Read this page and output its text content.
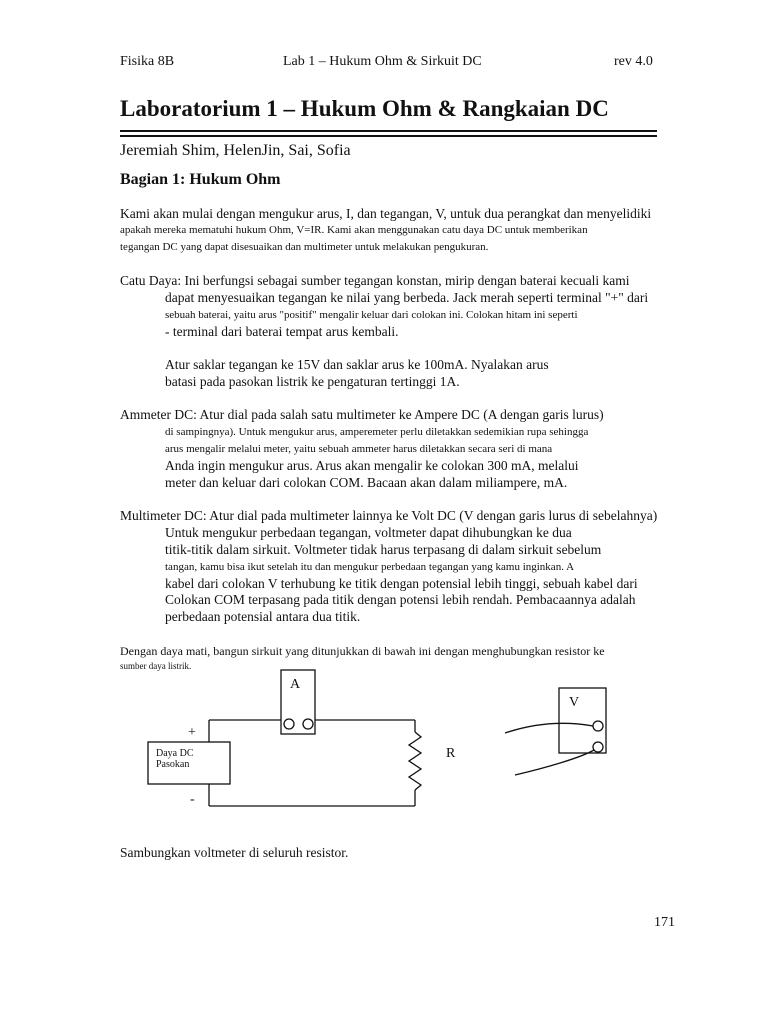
Fisika 8B	Lab 1 – Hukum Ohm & Sirkuit DC	rev 4.0
Laboratorium 1 – Hukum Ohm & Rangkaian DC
Jeremiah Shim, HelenJin, Sai, Sofia
Bagian 1: Hukum Ohm
Kami akan mulai dengan mengukur arus, I, dan tegangan, V, untuk dua perangkat dan menyelidiki
apakah mereka mematuhi hukum Ohm, V=IR. Kami akan menggunakan catu daya DC untuk memberikan
tegangan DC yang dapat disesuaikan dan multimeter untuk melakukan pengukuran.
Catu Daya: Ini berfungsi sebagai sumber tegangan konstan, mirip dengan baterai kecuali kami
dapat menyesuaikan tegangan ke nilai yang berbeda. Jack merah seperti terminal "+" dari
sebuah baterai, yaitu arus "positif" mengalir keluar dari colokan ini. Colokan hitam ini seperti
- terminal dari baterai tempat arus kembali.
Atur saklar tegangan ke 15V dan saklar arus ke 100mA. Nyalakan arus
batasi pada pasokan listrik ke pengaturan tertinggi 1A.
Ammeter DC: Atur dial pada salah satu multimeter ke Ampere DC (A dengan garis lurus)
di sampingnya). Untuk mengukur arus, amperemeter perlu diletakkan sedemikian rupa sehingga
arus mengalir melalui meter, yaitu sebuah ammeter harus diletakkan secara seri di mana
Anda ingin mengukur arus. Arus akan mengalir ke colokan 300 mA, melalui
meter dan keluar dari colokan COM. Bacaan akan dalam miliampere, mA.
Multimeter DC: Atur dial pada multimeter lainnya ke Volt DC (V dengan garis lurus di sebelahnya)
Untuk mengukur perbedaan tegangan, voltmeter dapat dihubungkan ke dua
titik-titik dalam sirkuit. Voltmeter tidak harus terpasang di dalam sirkuit sebelum
tangan, kamu bisa ikut setelah itu dan mengukur perbedaan tegangan yang kamu inginkan. A
kabel dari colokan V terhubung ke titik dengan potensial lebih tinggi, sebuah kabel dari
Colokan COM terpasang pada titik dengan potensi lebih rendah. Pembacaannya adalah
perbedaan potensial antara dua titik.
Dengan daya mati, bangun sirkuit yang ditunjukkan di bawah ini dengan menghubungkan resistor ke
sumber daya listrik.
A
+
-
Daya DC
Pasokan
R
V
Sambungkan voltmeter di seluruh resistor.
171
